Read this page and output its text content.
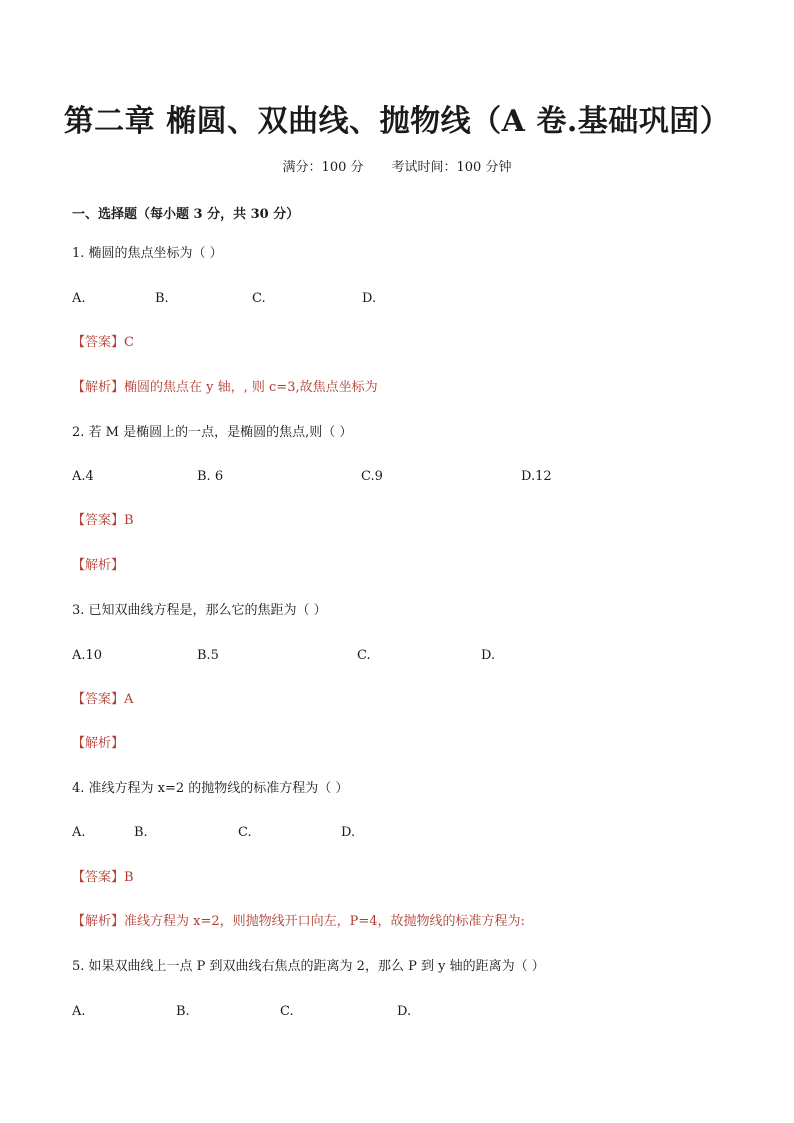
第二章 椭圆、双曲线、抛物线（A 卷.基础巩固）
满分：100 分 考试时间：100 分钟
一、选择题（每小题 3 分，共 30 分）
1. 椭圆的焦点坐标为（ ）
A.	B.	C.	D.
【答案】C
【解析】椭圆的焦点在 y 轴，, 则 c=3,故焦点坐标为
2. 若 M 是椭圆上的一点，是椭圆的焦点,则（ ）
A.4	B. 6	C.9	D.12
【答案】B
【解析】
3. 已知双曲线方程是，那么它的焦距为（ ）
A.10	B.5	C.	D.
【答案】A
【解析】
4. 准线方程为 x=2 的抛物线的标准方程为（ ）
A.	B.	C.	D.
【答案】B
【解析】准线方程为 x=2，则抛物线开口向左，P=4，故抛物线的标准方程为:
5. 如果双曲线上一点 P 到双曲线右焦点的距离为 2，那么 P 到 y 轴的距离为（ ）
A.	B.	C.	D.
